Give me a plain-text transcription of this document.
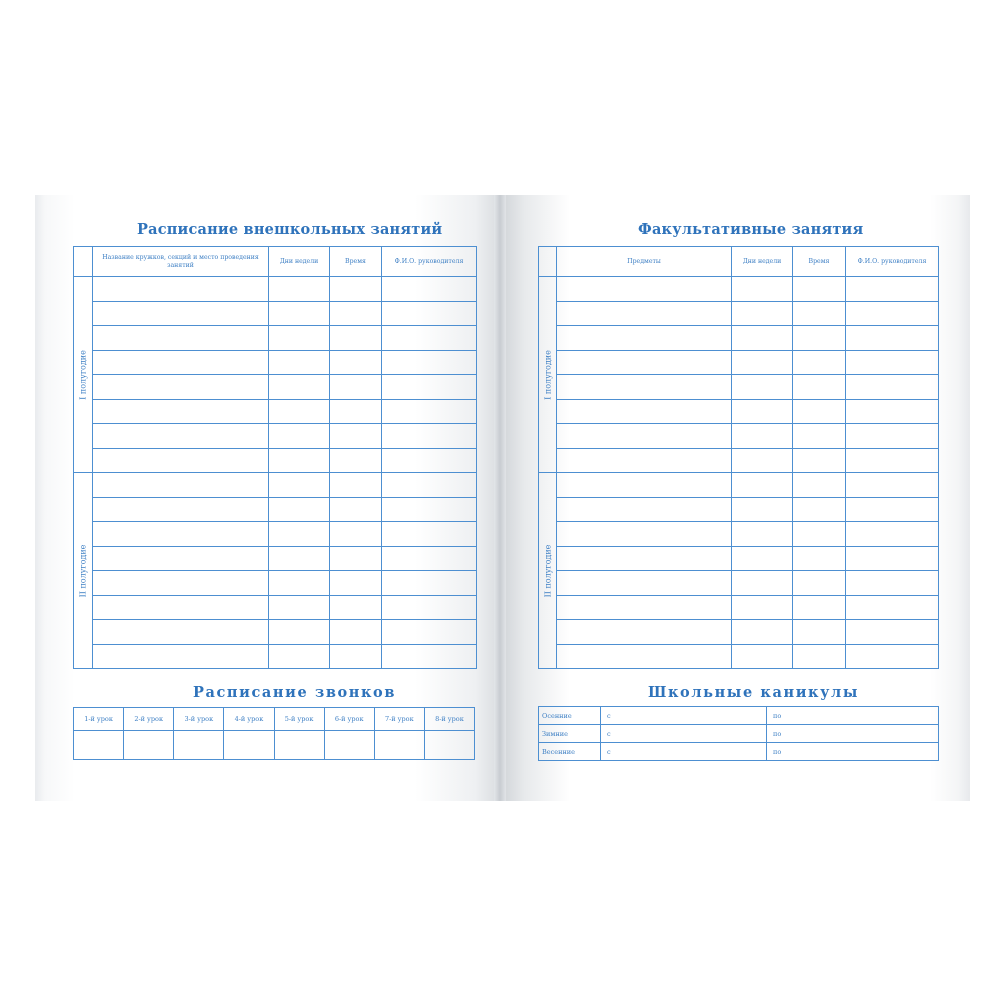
Расписание внешкольных занятий
	Название кружков, секций и место проведения занятий	Дни недели	Время	Ф.И.О. руководителя

I полугодие				

II полугодие				

Расписание звонков
1-й урок	2-й урок	3-й урок	4-й урок	5-й урок	6-й урок	7-й урок	8-й урок

Факультативные занятия
	Предметы	Дни недели	Время	Ф.И.О. руководителя

I полугодие				

II полугодие				

Школьные каникулы
Осенние	с	по
Зимние	с	по
Весенние	с	по
